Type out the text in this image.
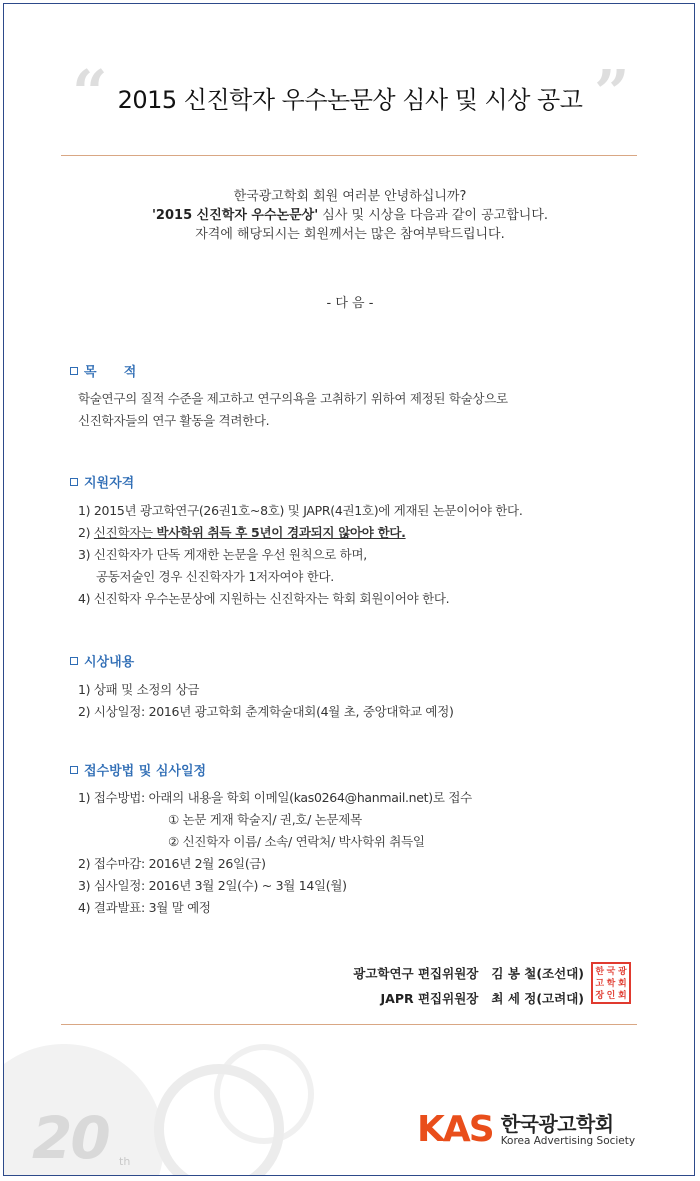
“ 2015 신진학자 우수논문상 심사 및 시상 공고 ”
한국광고학회 회원 여러분 안녕하십니까?
'2015 신진학자 우수논문상' 심사 및 시상을 다음과 같이 공고합니다.
자격에 해당되시는 회원께서는 많은 참여부탁드립니다.
- 다 음 -
목      적
학술연구의 질적 수준을 제고하고 연구의욕을 고취하기 위하여 제정된 학술상으로
신진학자들의 연구 활동을 격려한다.
지원자격
1) 2015년 광고학연구(26권1호~8호) 및 JAPR(4권1호)에 게재된 논문이어야 한다.
2) 신진학자는 박사학위 취득 후 5년이 경과되지 않아야 한다.
3) 신진학자가 단독 게재한 논문을 우선 원칙으로 하며,
공동저술인 경우 신진학자가 1저자여야 한다.
4) 신진학자 우수논문상에 지원하는 신진학자는 학회 회원이어야 한다.
시상내용
1) 상패 및 소정의 상금
2) 시상일정: 2016년 광고학회 춘계학술대회(4월 초, 중앙대학교 예정)
접수방법 및 심사일정
1) 접수방법: 아래의 내용을 학회 이메일(kas0264@hanmail.net)로 접수
① 논문 게재 학술지/ 권,호/ 논문제목
② 신진학자 이름/ 소속/ 연락처/ 박사학위 취득일
2) 접수마감: 2016년 2월 26일(금)
3) 심사일정: 2016년 3월 2일(수) ~ 3월 14일(월)
4) 결과발표: 3월 말 예정
광고학연구 편집위원장   김 봉 철(조선대)
JAPR 편집위원장   최 세 정(고려대)
한 국 광
고 학 회
장 인 회
20 th
KAS 한국광고학회
Korea Advertising Society
